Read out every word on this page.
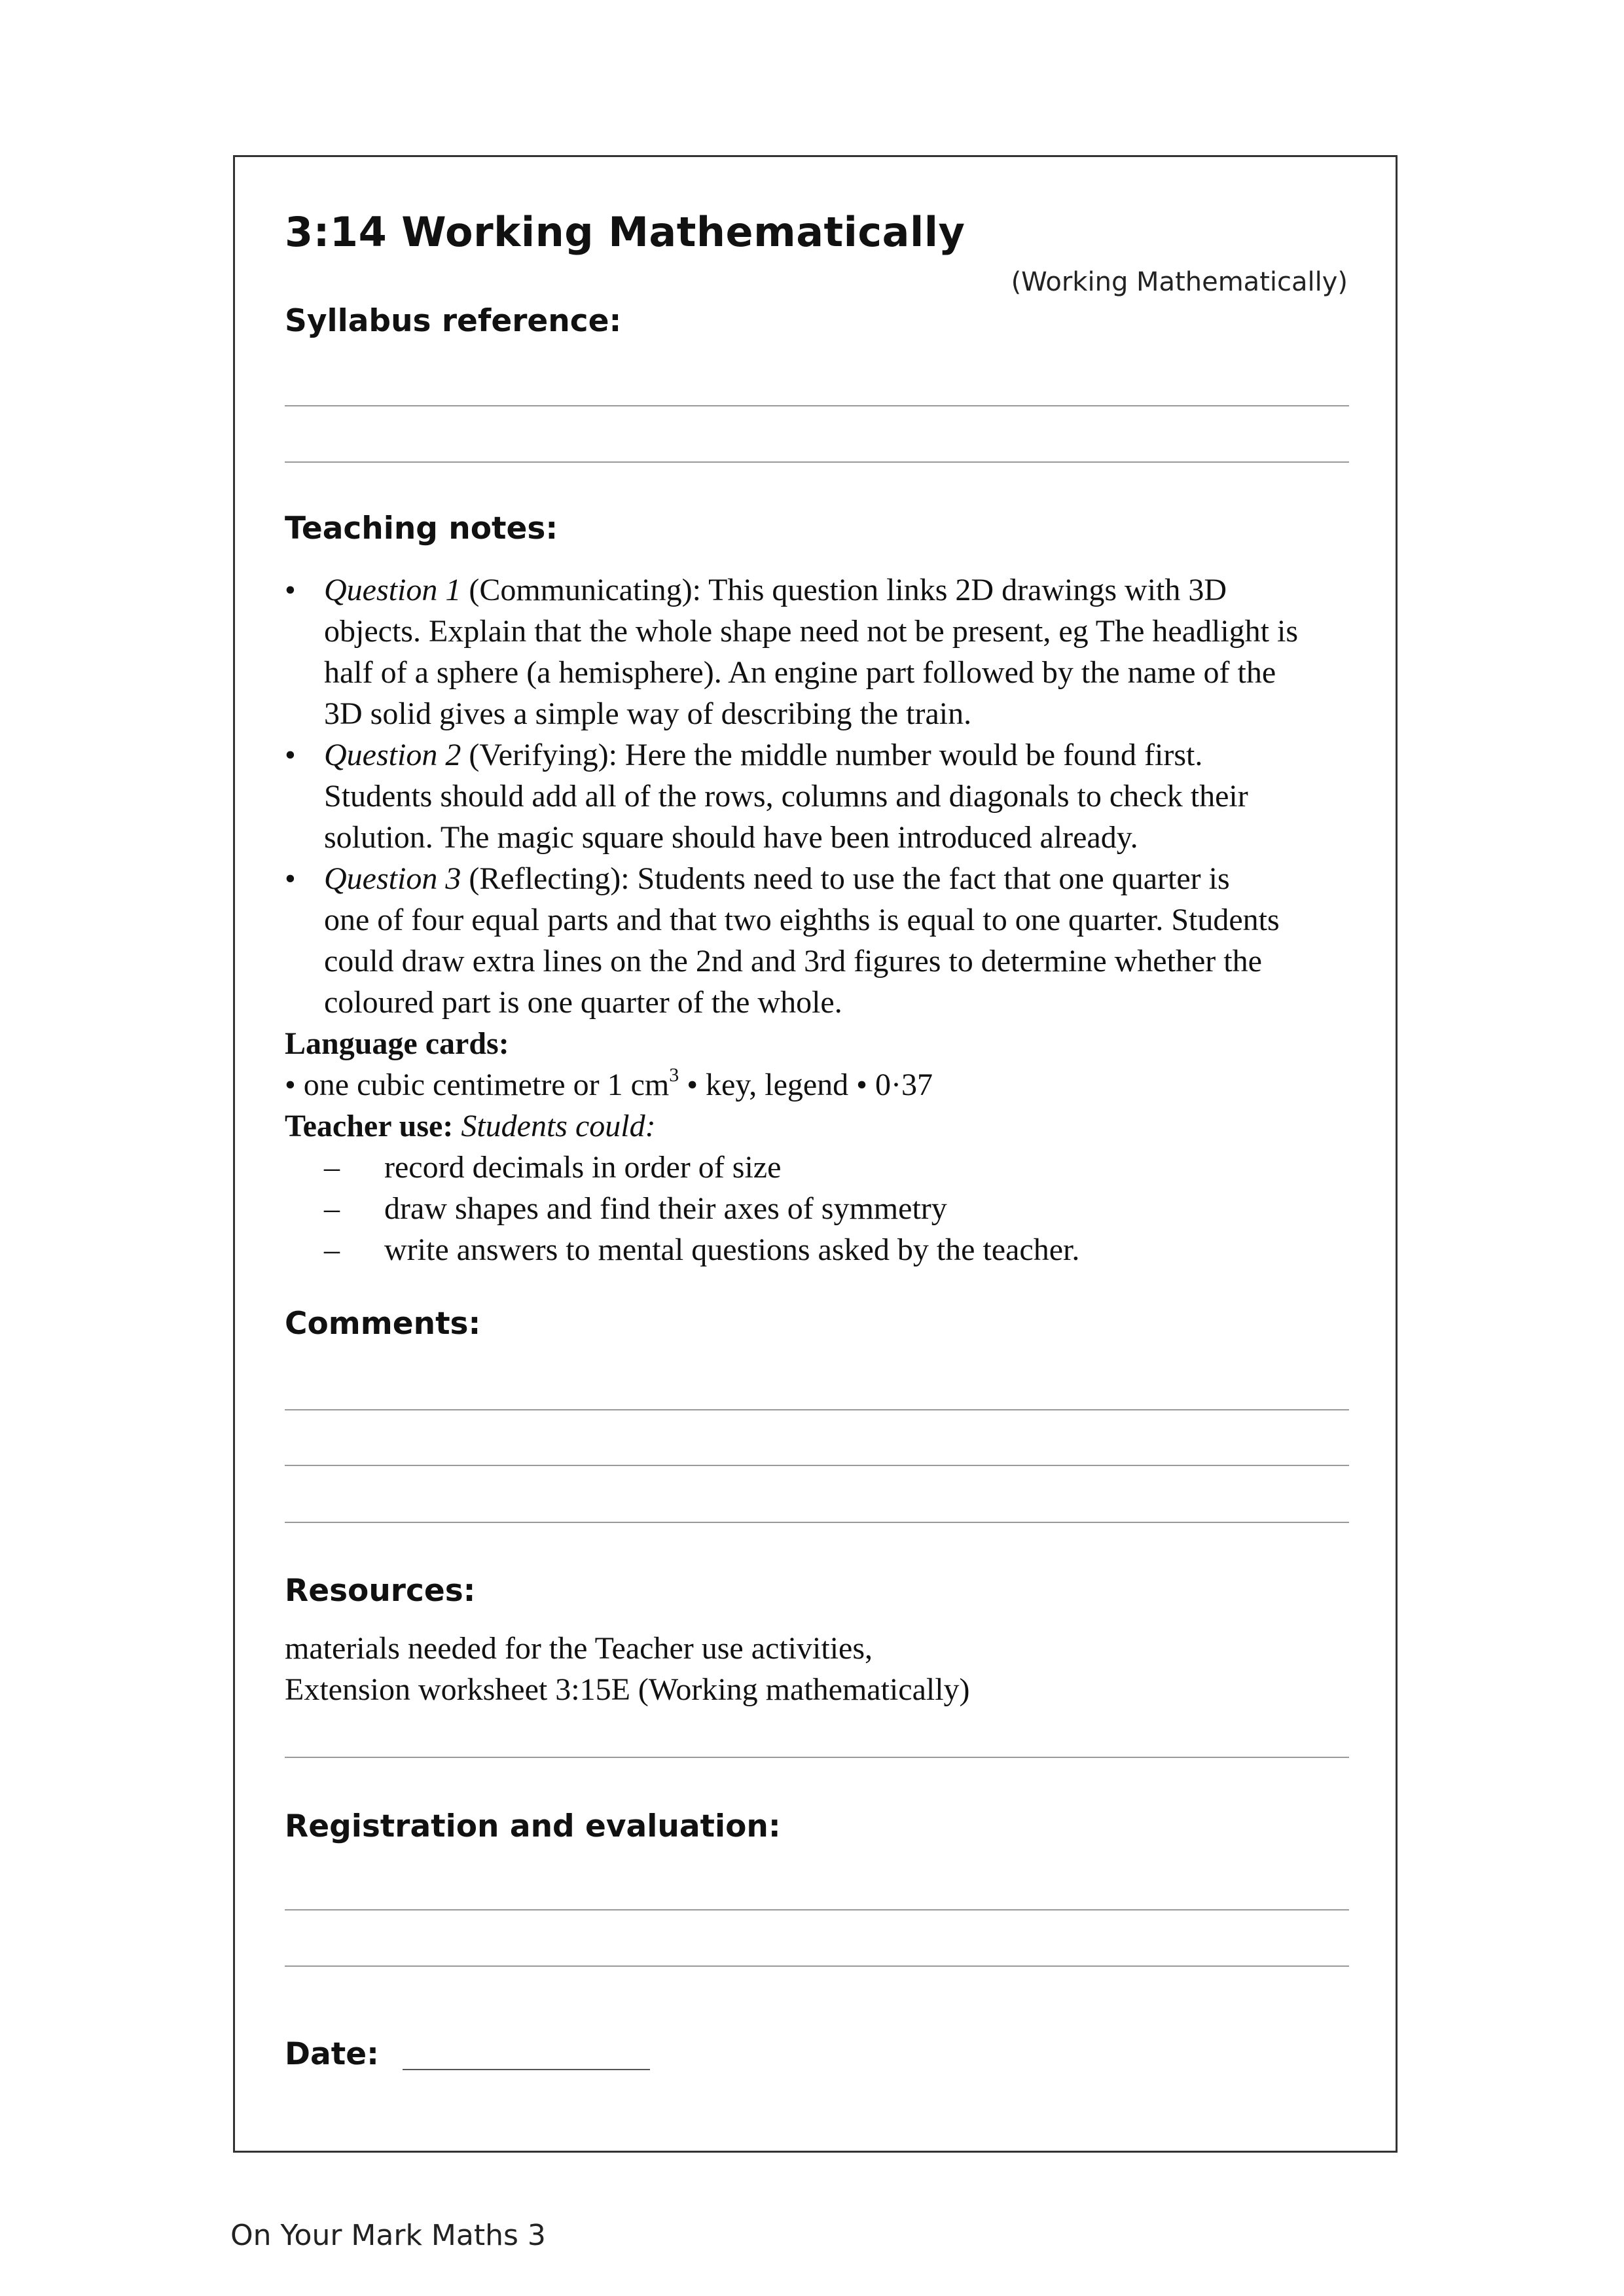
3:14 Working Mathematically
(Working Mathematically)
Syllabus reference:
Teaching notes:
• Question 1 (Communicating): This question links 2D drawings with 3D
objects. Explain that the whole shape need not be present, eg The headlight is
half of a sphere (a hemisphere). An engine part followed by the name of the
3D solid gives a simple way of describing the train.
• Question 2 (Verifying): Here the middle number would be found first.
Students should add all of the rows, columns and diagonals to check their
solution. The magic square should have been introduced already.
• Question 3 (Reflecting): Students need to use the fact that one quarter is
one of four equal parts and that two eighths is equal to one quarter. Students
could draw extra lines on the 2nd and 3rd figures to determine whether the
coloured part is one quarter of the whole.
Language cards:
• one cubic centimetre or 1 $cm^3$ • key, legend • 0·37
Teacher use: Students could:
– record decimals in order of size
– draw shapes and find their axes of symmetry
– write answers to mental questions asked by the teacher.
Comments:
Resources:
materials needed for the Teacher use activities,
Extension worksheet 3:15E (Working mathematically)
Registration and evaluation:
Date:
On Your Mark Maths 3
